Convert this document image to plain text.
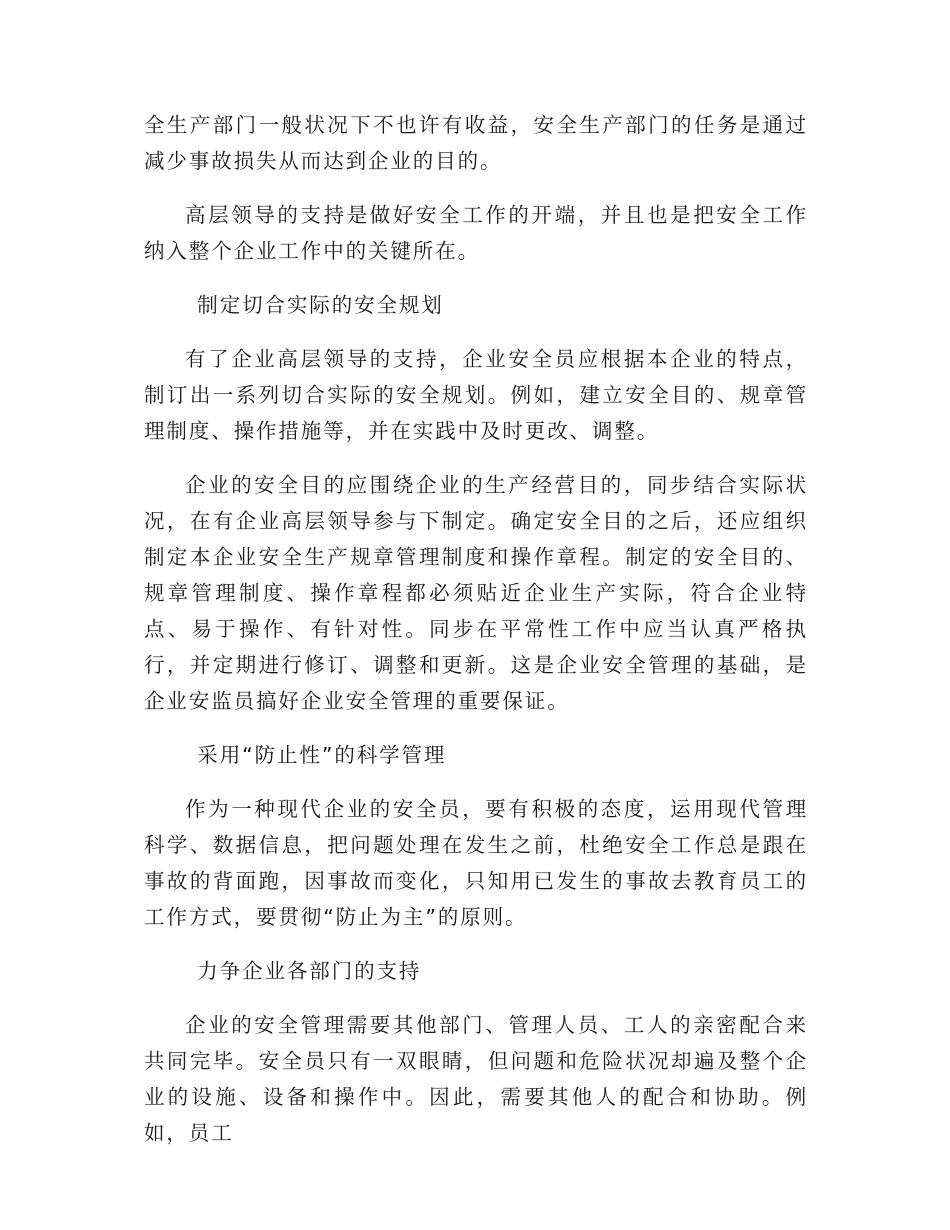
全生产部门一般状况下不也许有收益，安全生产部门的任务是通过减少事故损失从而达到企业的目的。

高层领导的支持是做好安全工作的开端，并且也是把安全工作纳入整个企业工作中的关键所在。

制定切合实际的安全规划

有了企业高层领导的支持，企业安全员应根据本企业的特点，制订出一系列切合实际的安全规划。例如，建立安全目的、规章管理制度、操作措施等，并在实践中及时更改、调整。

企业的安全目的应围绕企业的生产经营目的，同步结合实际状况，在有企业高层领导参与下制定。确定安全目的之后，还应组织制定本企业安全生产规章管理制度和操作章程。制定的安全目的、规章管理制度、操作章程都必须贴近企业生产实际，符合企业特点、易于操作、有针对性。同步在平常性工作中应当认真严格执行，并定期进行修订、调整和更新。这是企业安全管理的基础，是企业安监员搞好企业安全管理的重要保证。

采用“防止性”的科学管理

作为一种现代企业的安全员，要有积极的态度，运用现代管理科学、数据信息，把问题处理在发生之前，杜绝安全工作总是跟在事故的背面跑，因事故而变化，只知用已发生的事故去教育员工的工作方式，要贯彻“防止为主”的原则。

力争企业各部门的支持

企业的安全管理需要其他部门、管理人员、工人的亲密配合来共同完毕。安全员只有一双眼睛，但问题和危险状况却遍及整个企业的设施、设备和操作中。因此，需要其他人的配合和协助。例如，员工
